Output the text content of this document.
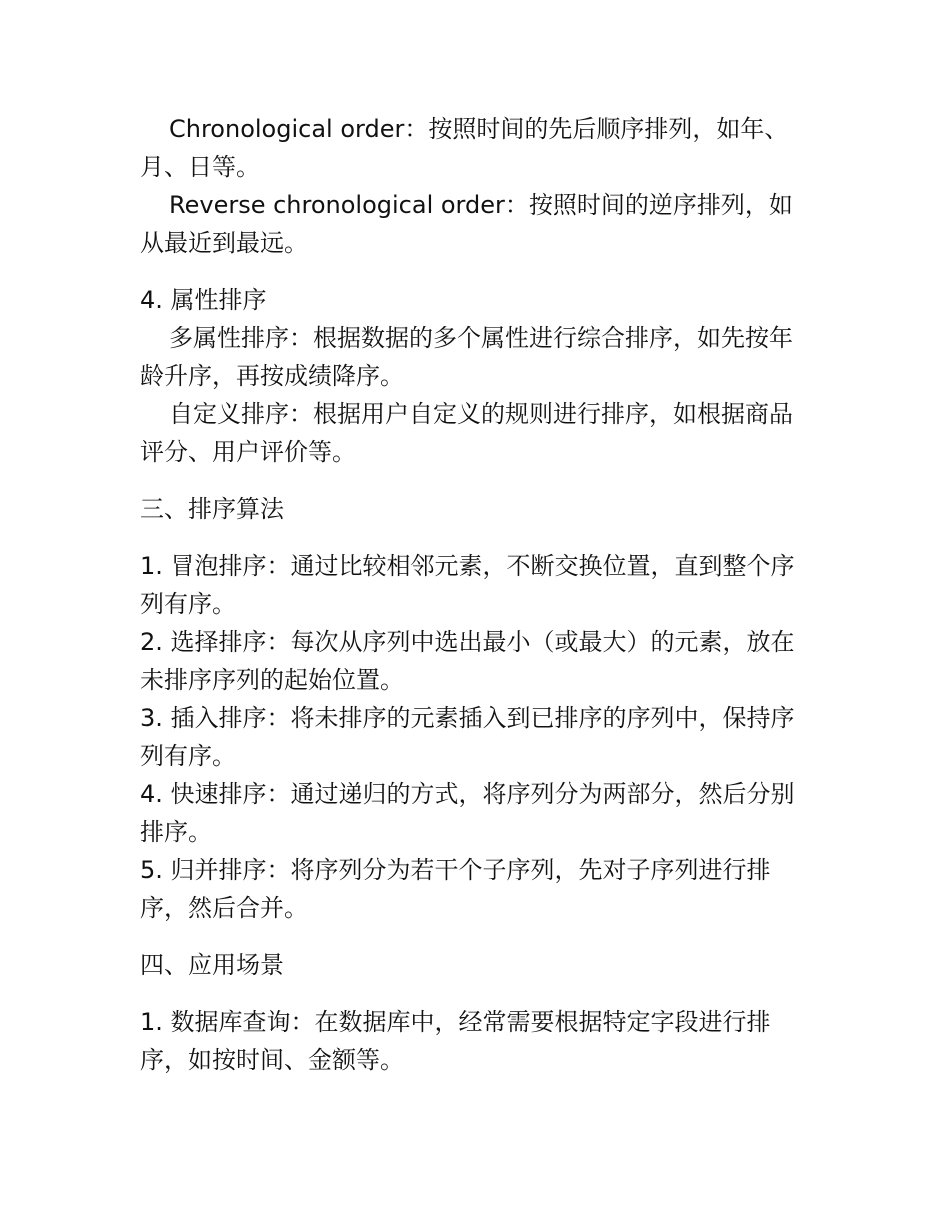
Chronological order：按照时间的先后顺序排列，如年、月、日等。

Reverse chronological order：按照时间的逆序排列，如从最近到最远。

4. 属性排序

多属性排序：根据数据的多个属性进行综合排序，如先按年龄升序，再按成绩降序。

自定义排序：根据用户自定义的规则进行排序，如根据商品评分、用户评价等。

三、排序算法

1. 冒泡排序：通过比较相邻元素，不断交换位置，直到整个序列有序。

2. 选择排序：每次从序列中选出最小（或最大）的元素，放在未排序序列的起始位置。

3. 插入排序：将未排序的元素插入到已排序的序列中，保持序列有序。

4. 快速排序：通过递归的方式，将序列分为两部分，然后分别排序。

5. 归并排序：将序列分为若干个子序列，先对子序列进行排序，然后合并。

四、应用场景

1. 数据库查询：在数据库中，经常需要根据特定字段进行排序，如按时间、金额等。
